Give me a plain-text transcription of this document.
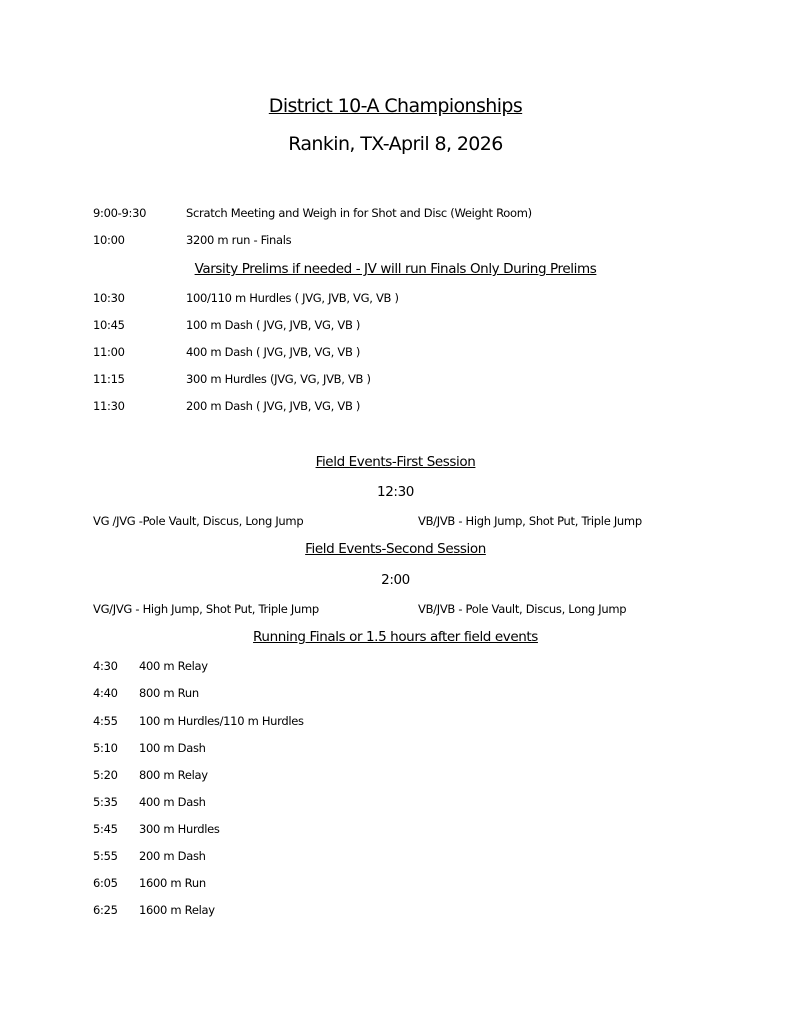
District 10-A Championships
Rankin, TX-April 8, 2026
9:00-9:30	Scratch Meeting and Weigh in for Shot and Disc (Weight Room)
10:00	3200 m run - Finals
Varsity Prelims if needed - JV will run Finals Only During Prelims
10:30	100/110 m Hurdles ( JVG, JVB, VG, VB )
10:45	100 m Dash ( JVG, JVB, VG, VB )
11:00	400 m Dash ( JVG, JVB, VG, VB )
11:15	300 m Hurdles (JVG, VG, JVB, VB )
11:30	200 m Dash ( JVG, JVB, VG, VB )
Field Events-First Session
12:30
VG /JVG -Pole Vault, Discus, Long Jump	VB/JVB - High Jump, Shot Put, Triple Jump
Field Events-Second Session
2:00
VG/JVG - High Jump, Shot Put, Triple Jump	VB/JVB - Pole Vault, Discus, Long Jump
Running Finals or 1.5 hours after field events
4:30 400 m Relay
4:40 800 m Run
4:55 100 m Hurdles/110 m Hurdles
5:10 100 m Dash
5:20 800 m Relay
5:35 400 m Dash
5:45 300 m Hurdles
5:55 200 m Dash
6:05 1600 m Run
6:25 1600 m Relay
